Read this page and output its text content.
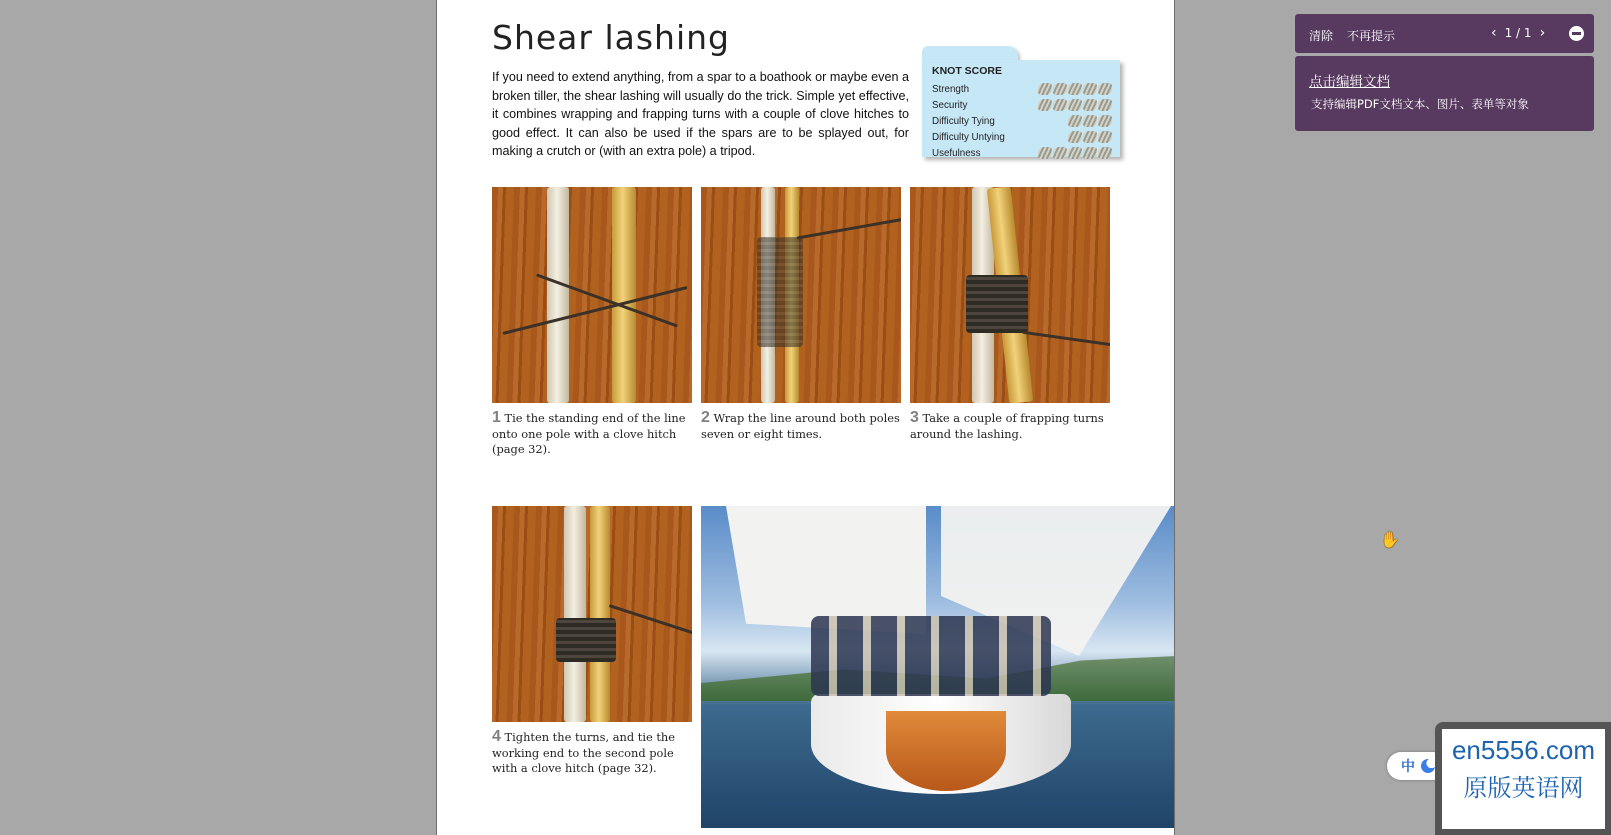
Shear lashing

If you need to extend anything, from a spar to a boathook or maybe even a broken tiller, the shear lashing will usually do the trick. Simple yet effective, it combines wrapping and frapping turns with a couple of clove hitches to good effect. It can also be used if the spars are to be splayed out, for making a crutch or (with an extra pole) a tripod.

KNOT SCORE
Strength
Security
Difficulty Tying
Difficulty Untying
Usefulness
1 Tie the standing end of the line onto one pole with a clove hitch (page 32).
2 Wrap the line around both poles seven or eight times.
3 Take a couple of frapping turns around the lashing.
4 Tighten the turns, and tie the working end to the second pole with a clove hitch (page 32).
清除 不再提示	‹ 1 / 1 ›
点击编辑文档
支持编辑PDF文档文本、图片、表单等对象
✋
中
en5556.com
原版英语网
